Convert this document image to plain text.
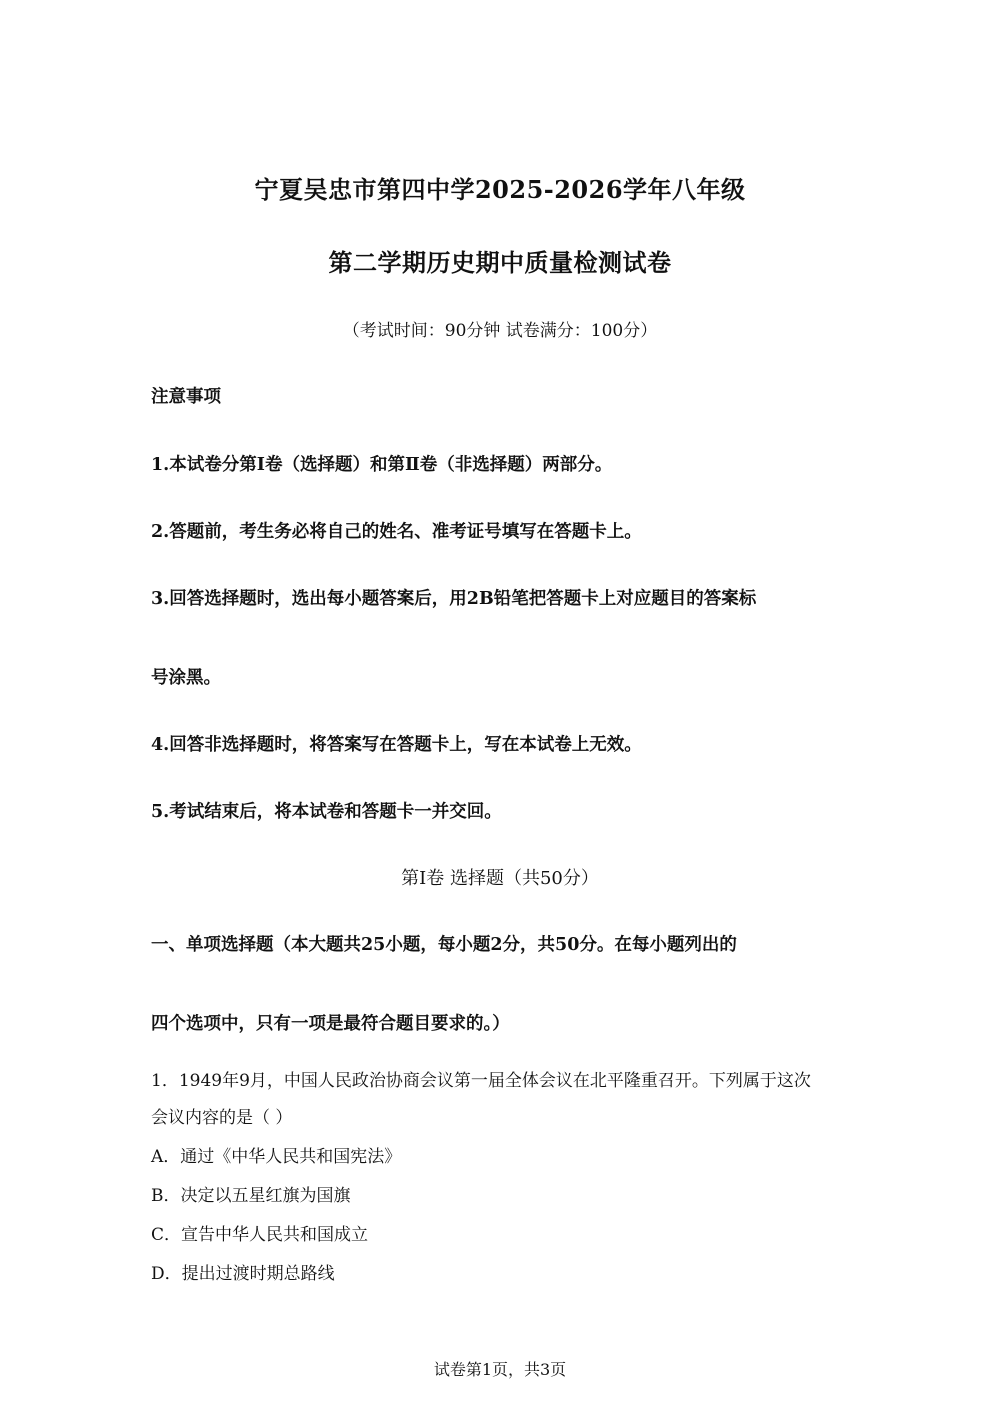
宁夏吴忠市第四中学2025-2026学年八年级
第二学期历史期中质量检测试卷
（考试时间：90分钟 试卷满分：100分）
注意事项
1.本试卷分第Ⅰ卷（选择题）和第Ⅱ卷（非选择题）两部分。
2.答题前，考生务必将自己的姓名、准考证号填写在答题卡上。
3.回答选择题时，选出每小题答案后，用2B铅笔把答题卡上对应题目的答案标
号涂黑。
4.回答非选择题时，将答案写在答题卡上，写在本试卷上无效。
5.考试结束后，将本试卷和答题卡一并交回。
第Ⅰ卷 选择题（共50分）
一、单项选择题（本大题共25小题，每小题2分，共50分。在每小题列出的
四个选项中，只有一项是最符合题目要求的。）
1．1949年9月，中国人民政治协商会议第一届全体会议在北平隆重召开。下列属于这次
会议内容的是（ ）
A．通过《中华人民共和国宪法》
B．决定以五星红旗为国旗
C．宣告中华人民共和国成立
D．提出过渡时期总路线
试卷第1页，共3页
